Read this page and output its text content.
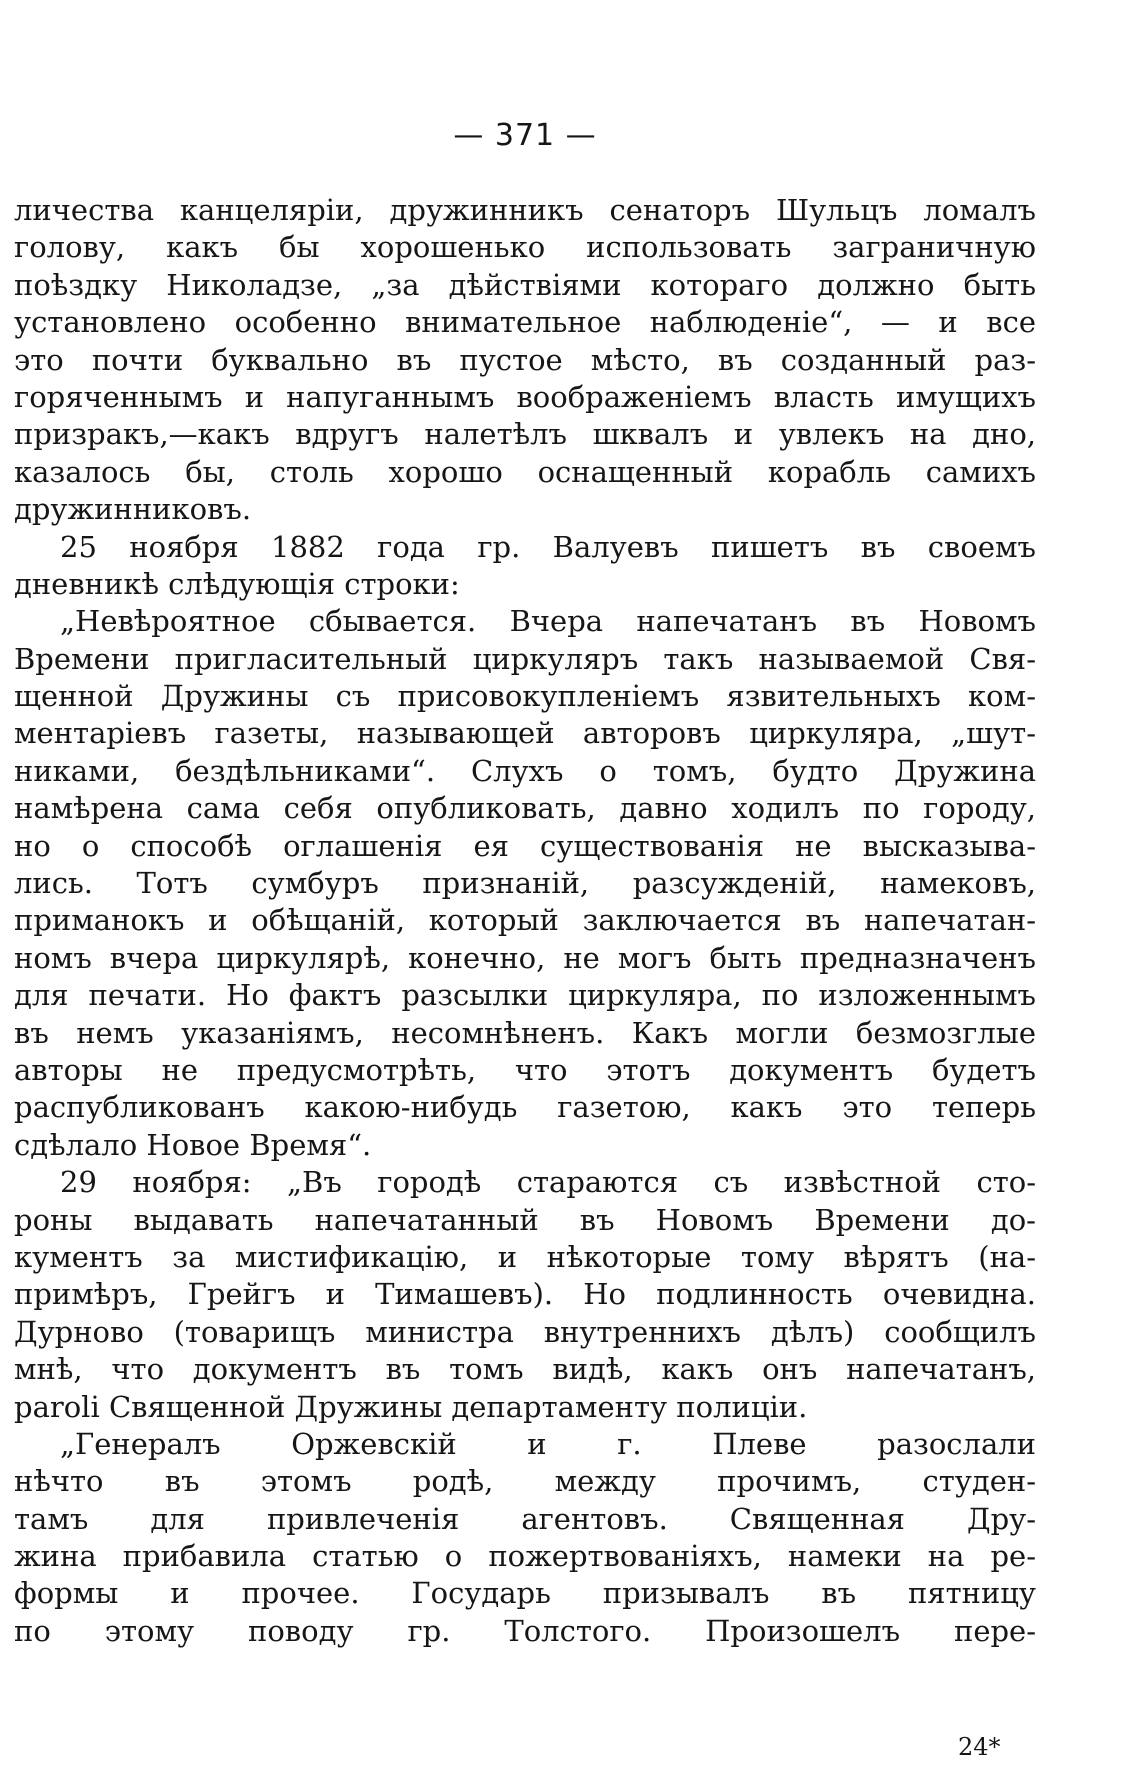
— 371 —
личества канцеляріи, дружинникъ сенаторъ Шульцъ ломалъ
голову, какъ бы хорошенько использовать заграничную
поѣздку Николадзе, „за дѣйствіями котораго должно быть
установлено особенно внимательное наблюденіе“, — и все
это почти буквально въ пустое мѣсто, въ созданный раз-
горяченнымъ и напуганнымъ воображеніемъ власть имущихъ
призракъ,—какъ вдругъ налетѣлъ шквалъ и увлекъ на дно,
казалось бы, столь хорошо оснащенный корабль самихъ
дружинниковъ.
25 ноября 1882 года гр. Валуевъ пишетъ въ своемъ
дневникѣ слѣдующія строки:
„Невѣроятное сбывается. Вчера напечатанъ въ Новомъ
Времени пригласительный циркуляръ такъ называемой Свя-
щенной Дружины съ присовокупленіемъ язвительныхъ ком-
ментаріевъ газеты, называющей авторовъ циркуляра, „шут-
никами, бездѣльниками“. Слухъ о томъ, будто Дружина
намѣрена сама себя опубликовать, давно ходилъ по городу,
но о способѣ оглашенія ея существованія не высказыва-
лись. Тотъ сумбуръ признаній, разсужденій, намековъ,
приманокъ и обѣщаній, который заключается въ напечатан-
номъ вчера циркулярѣ, конечно, не могъ быть предназначенъ
для печати. Но фактъ разсылки циркуляра, по изложеннымъ
въ немъ указаніямъ, несомнѣненъ. Какъ могли безмозглые
авторы не предусмотрѣть, что этотъ документъ будетъ
распубликованъ какою-нибудь газетою, какъ это теперь
сдѣлало Новое Время“.
29 ноября: „Въ городѣ стараются съ извѣстной сто-
роны выдавать напечатанный въ Новомъ Времени до-
кументъ за мистификацію, и нѣкоторые тому вѣрятъ (на-
примѣръ, Грейгъ и Тимашевъ). Но подлинность очевидна.
Дурново (товарищъ министра внутреннихъ дѣлъ) сообщилъ
мнѣ, что документъ въ томъ видѣ, какъ онъ напечатанъ,
paroli Священной Дружины департаменту полиціи.
„Генералъ Оржевскій и г. Плеве разослали
нѣчто въ этомъ родѣ, между прочимъ, студен-
тамъ для привлеченія агентовъ. Священная Дру-
жина прибавила статью о пожертвованіяхъ, намеки на ре-
формы и прочее. Государь призывалъ въ пятницу
по этому поводу гр. Толстого. Произошелъ пере-
24*
